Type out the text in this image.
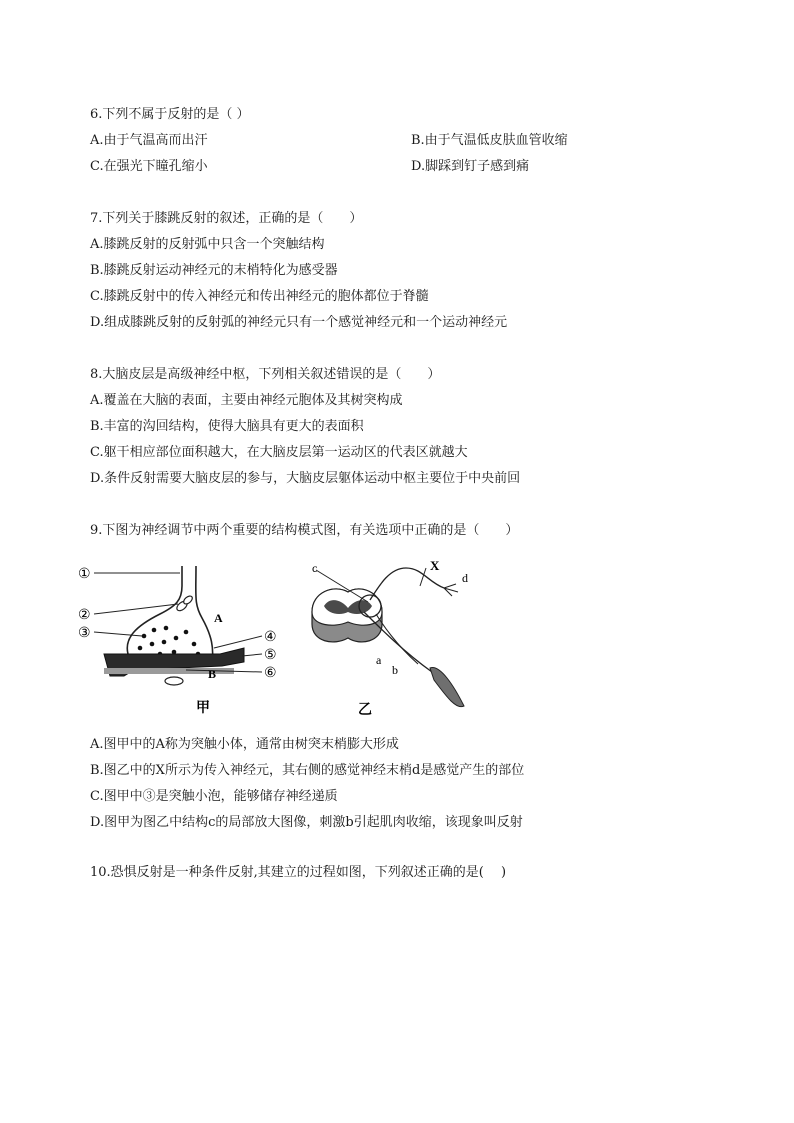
6.下列不属于反射的是（ ）
A.由于气温高而出汗	B.由于气温低皮肤血管收缩
C.在强光下瞳孔缩小	D.脚踩到钉子感到痛
7.下列关于膝跳反射的叙述，正确的是（　　）
A.膝跳反射的反射弧中只含一个突触结构
B.膝跳反射运动神经元的末梢特化为感受器
C.膝跳反射中的传入神经元和传出神经元的胞体都位于脊髓
D.组成膝跳反射的反射弧的神经元只有一个感觉神经元和一个运动神经元
8.大脑皮层是高级神经中枢，下列相关叙述错误的是（　　）
A.覆盖在大脑的表面，主要由神经元胞体及其树突构成
B.丰富的沟回结构，使得大脑具有更大的表面积
C.躯干相应部位面积越大，在大脑皮层第一运动区的代表区就越大
D.条件反射需要大脑皮层的参与，大脑皮层躯体运动中枢主要位于中央前回
9.下图为神经调节中两个重要的结构模式图，有关选项中正确的是（　　）
①
②
③	④
⑤
⑥
A
B
甲
c	X
d
a
b
乙
A.图甲中的A称为突触小体，通常由树突末梢膨大形成
B.图乙中的X所示为传入神经元，其右侧的感觉神经末梢d是感觉产生的部位
C.图甲中③是突触小泡，能够储存神经递质
D.图甲为图乙中结构c的局部放大图像，刺激b引起肌肉收缩，该现象叫反射
10.恐惧反射是一种条件反射,其建立的过程如图，下列叙述正确的是(　 )
